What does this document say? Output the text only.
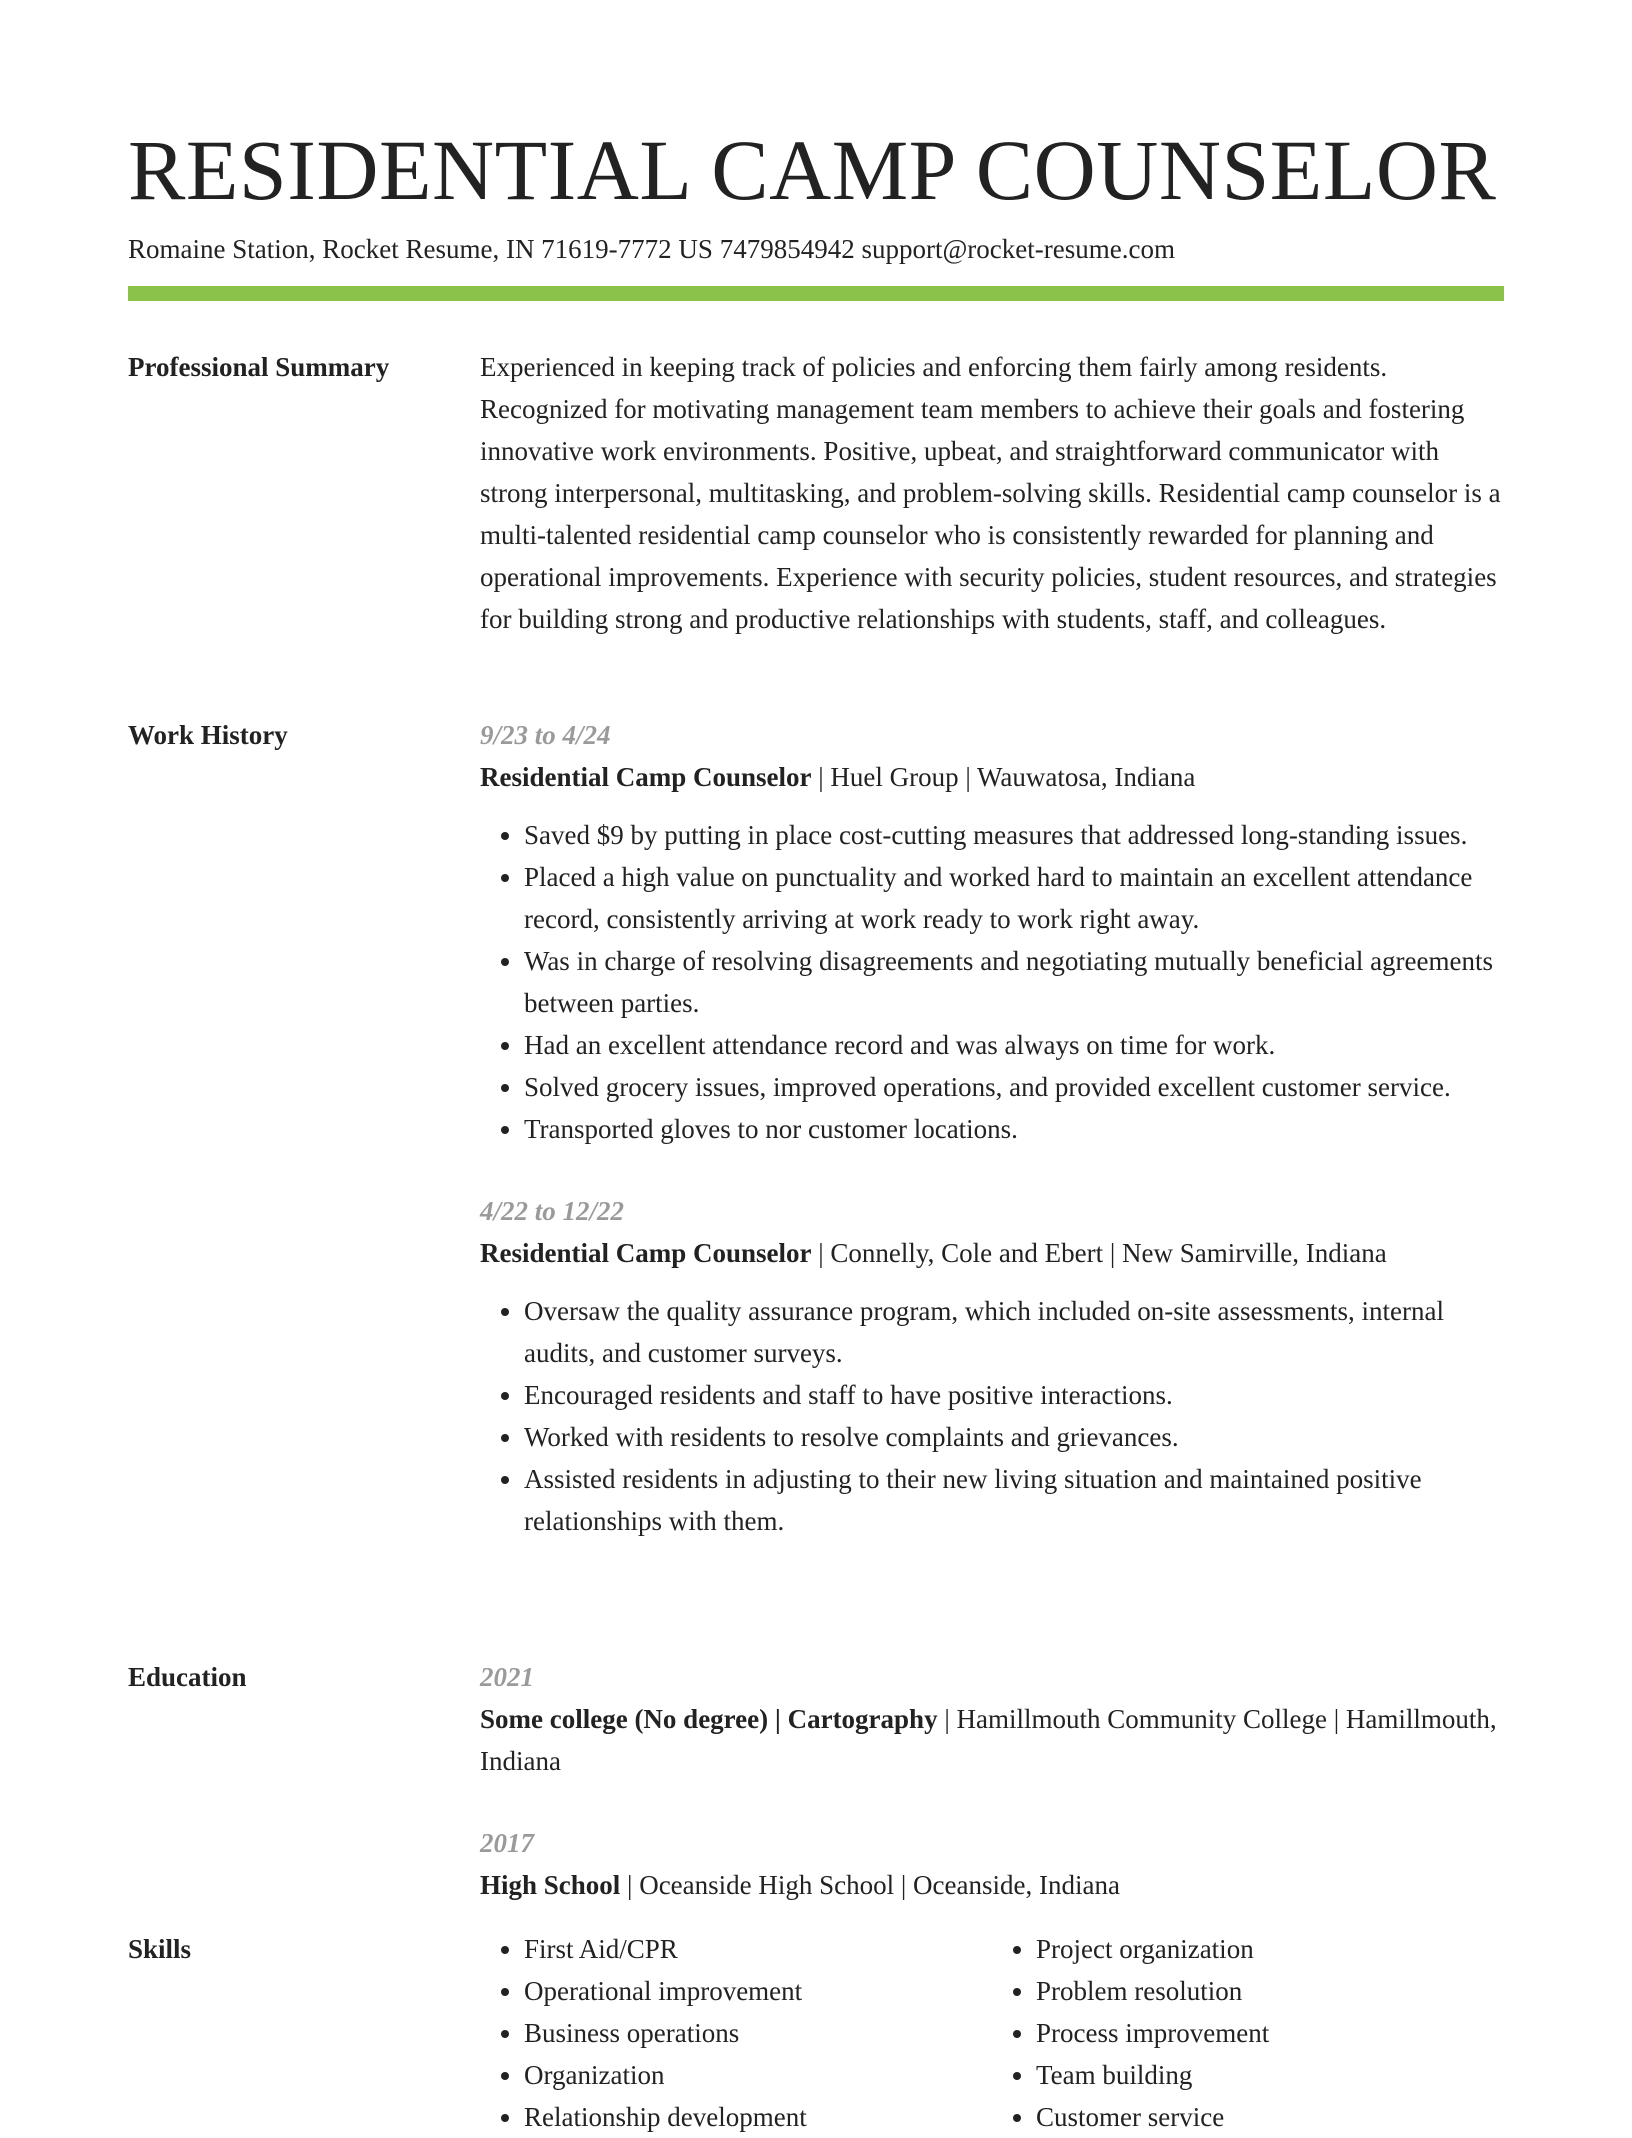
RESIDENTIAL CAMP COUNSELOR
Romaine Station, Rocket Resume, IN 71619-7772 US 7479854942 support@rocket-resume.com
Professional Summary	Experienced in keeping track of policies and enforcing them fairly among residents. Recognized for motivating management team members to achieve their goals and fostering innovative work environments. Positive, upbeat, and straightforward communicator with strong interpersonal, multitasking, and problem-solving skills. Residential camp counselor is a multi-talented residential camp counselor who is consistently rewarded for planning and operational improvements. Experience with security policies, student resources, and strategies for building strong and productive relationships with students, staff, and colleagues.

Work History	9/23 to 4/24
Residential Camp Counselor | Huel Group | Wauwatosa, Indiana
• Saved $9 by putting in place cost-cutting measures that addressed long-standing issues.
• Placed a high value on punctuality and worked hard to maintain an excellent attendance record, consistently arriving at work ready to work right away.
• Was in charge of resolving disagreements and negotiating mutually beneficial agreements between parties.
• Had an excellent attendance record and was always on time for work.
• Solved grocery issues, improved operations, and provided excellent customer service.
• Transported gloves to nor customer locations.
4/22 to 12/22
Residential Camp Counselor | Connelly, Cole and Ebert | New Samirville, Indiana
• Oversaw the quality assurance program, which included on-site assessments, internal audits, and customer surveys.
• Encouraged residents and staff to have positive interactions.
• Worked with residents to resolve complaints and grievances.
• Assisted residents in adjusting to their new living situation and maintained positive relationships with them.
Education	2021
Some college (No degree) | Cartography | Hamillmouth Community College | Hamillmouth, Indiana
2017
High School | Oceanside High School | Oceanside, Indiana
Skills
•	First Aid/CPR
• Operational improvement
• Business operations
• Organization
• Relationship development
• Project organization
• Problem resolution
• Process improvement
• Team building
• Customer service
